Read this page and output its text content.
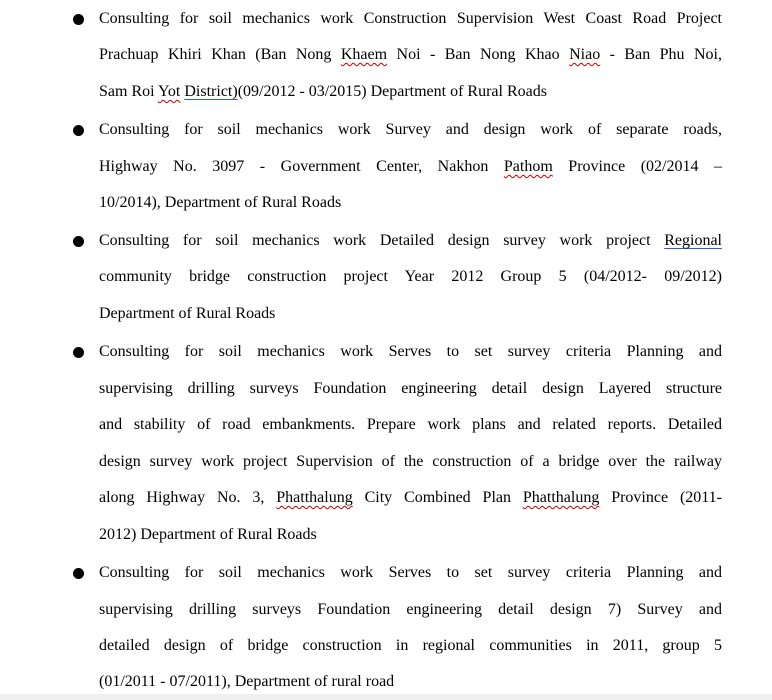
Consulting for soil mechanics work Construction Supervision West Coast Road Project
Prachuap Khiri Khan (Ban Nong Khaem Noi - Ban Nong Khao Niao - Ban Phu Noi,
Sam Roi Yot District)(09/2012 - 03/2015) Department of Rural Roads
Consulting for soil mechanics work Survey and design work of separate roads,
Highway No. 3097 - Government Center, Nakhon Pathom Province (02/2014 –
10/2014), Department of Rural Roads
Consulting for soil mechanics work Detailed design survey work project Regional
community bridge construction project Year 2012 Group 5 (04/2012- 09/2012)
Department of Rural Roads
Consulting for soil mechanics work Serves to set survey criteria Planning and
supervising drilling surveys Foundation engineering detail design Layered structure
and stability of road embankments. Prepare work plans and related reports. Detailed
design survey work project Supervision of the construction of a bridge over the railway
along Highway No. 3, Phatthalung City Combined Plan Phatthalung Province (2011-
2012) Department of Rural Roads
Consulting for soil mechanics work Serves to set survey criteria Planning and
supervising drilling surveys Foundation engineering detail design 7) Survey and
detailed design of bridge construction in regional communities in 2011, group 5
(01/2011 - 07/2011), Department of rural road
